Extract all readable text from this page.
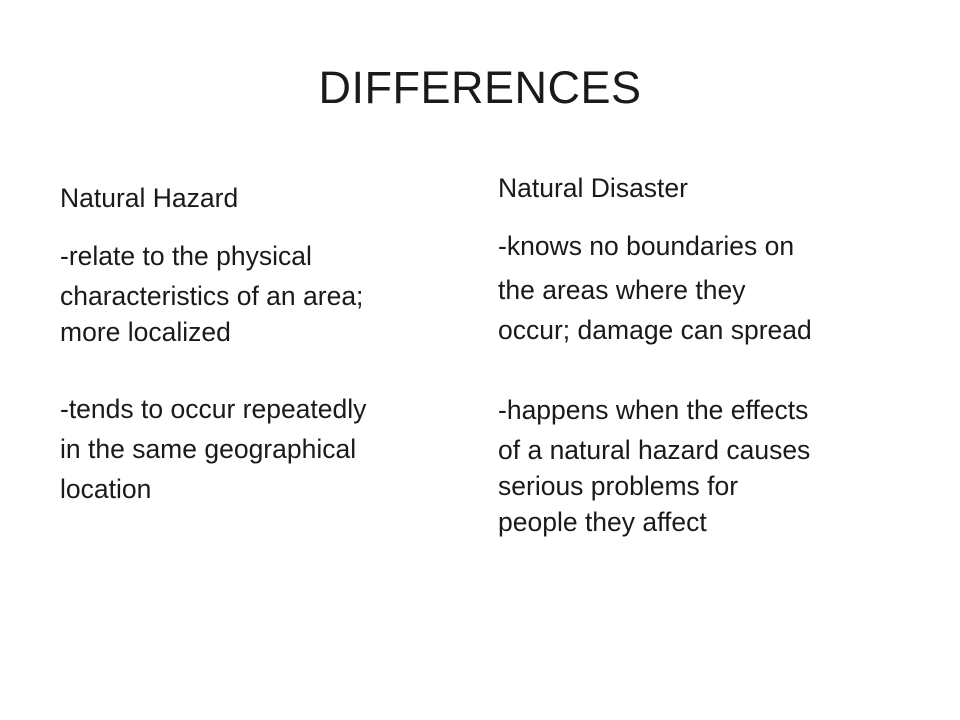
DIFFERENCES

Natural Hazard

-relate to the physical

characteristics of an area;

more localized

-tends to occur repeatedly

in the same geographical

location

Natural Disaster

-knows no boundaries on

the areas where they

occur; damage can spread

-happens when the effects

of a natural hazard causes

serious problems for

people they affect
